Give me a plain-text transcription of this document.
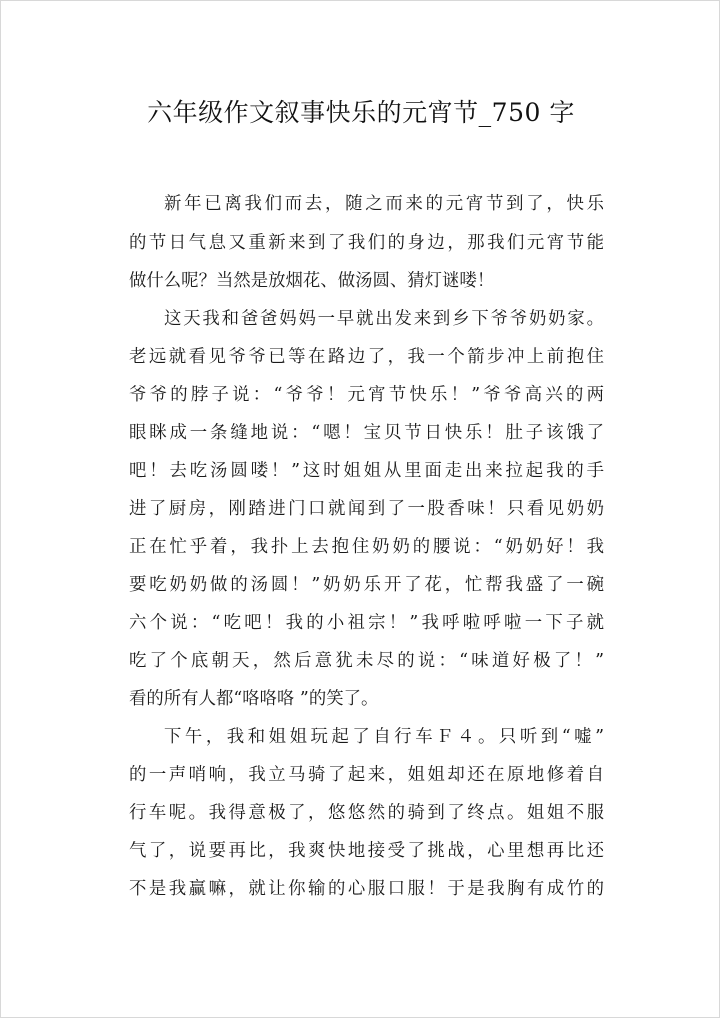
六年级作文叙事快乐的元宵节_750 字
新年已离我们而去，随之而来的元宵节到了，快乐
的节日气息又重新来到了我们的身边，那我们元宵节能
做什么呢？当然是放烟花、做汤圆、猜灯谜喽！
这天我和爸爸妈妈一早就出发来到乡下爷爷奶奶家。
老远就看见爷爷已等在路边了，我一个箭步冲上前抱住
爷爷的脖子说：“爷爷！元宵节快乐！”爷爷高兴的两
眼眯成一条缝地说：“嗯！宝贝节日快乐！肚子该饿了
吧！去吃汤圆喽！”这时姐姐从里面走出来拉起我的手
进了厨房，刚踏进门口就闻到了一股香味！只看见奶奶
正在忙乎着，我扑上去抱住奶奶的腰说：“奶奶好！我
要吃奶奶做的汤圆！”奶奶乐开了花，忙帮我盛了一碗
六个说：“吃吧！我的小祖宗！”我呼啦呼啦一下子就
吃了个底朝天，然后意犹未尽的说：“味道好极了！”
看的所有人都“咯咯咯 ”的笑了。
下午，我和姐姐玩起了自行车Ｆ４。只听到“嘘”
的一声哨响，我立马骑了起来，姐姐却还在原地修着自
行车呢。我得意极了，悠悠然的骑到了终点。姐姐不服
气了，说要再比，我爽快地接受了挑战，心里想再比还
不是我赢嘛，就让你输的心服口服！于是我胸有成竹的
